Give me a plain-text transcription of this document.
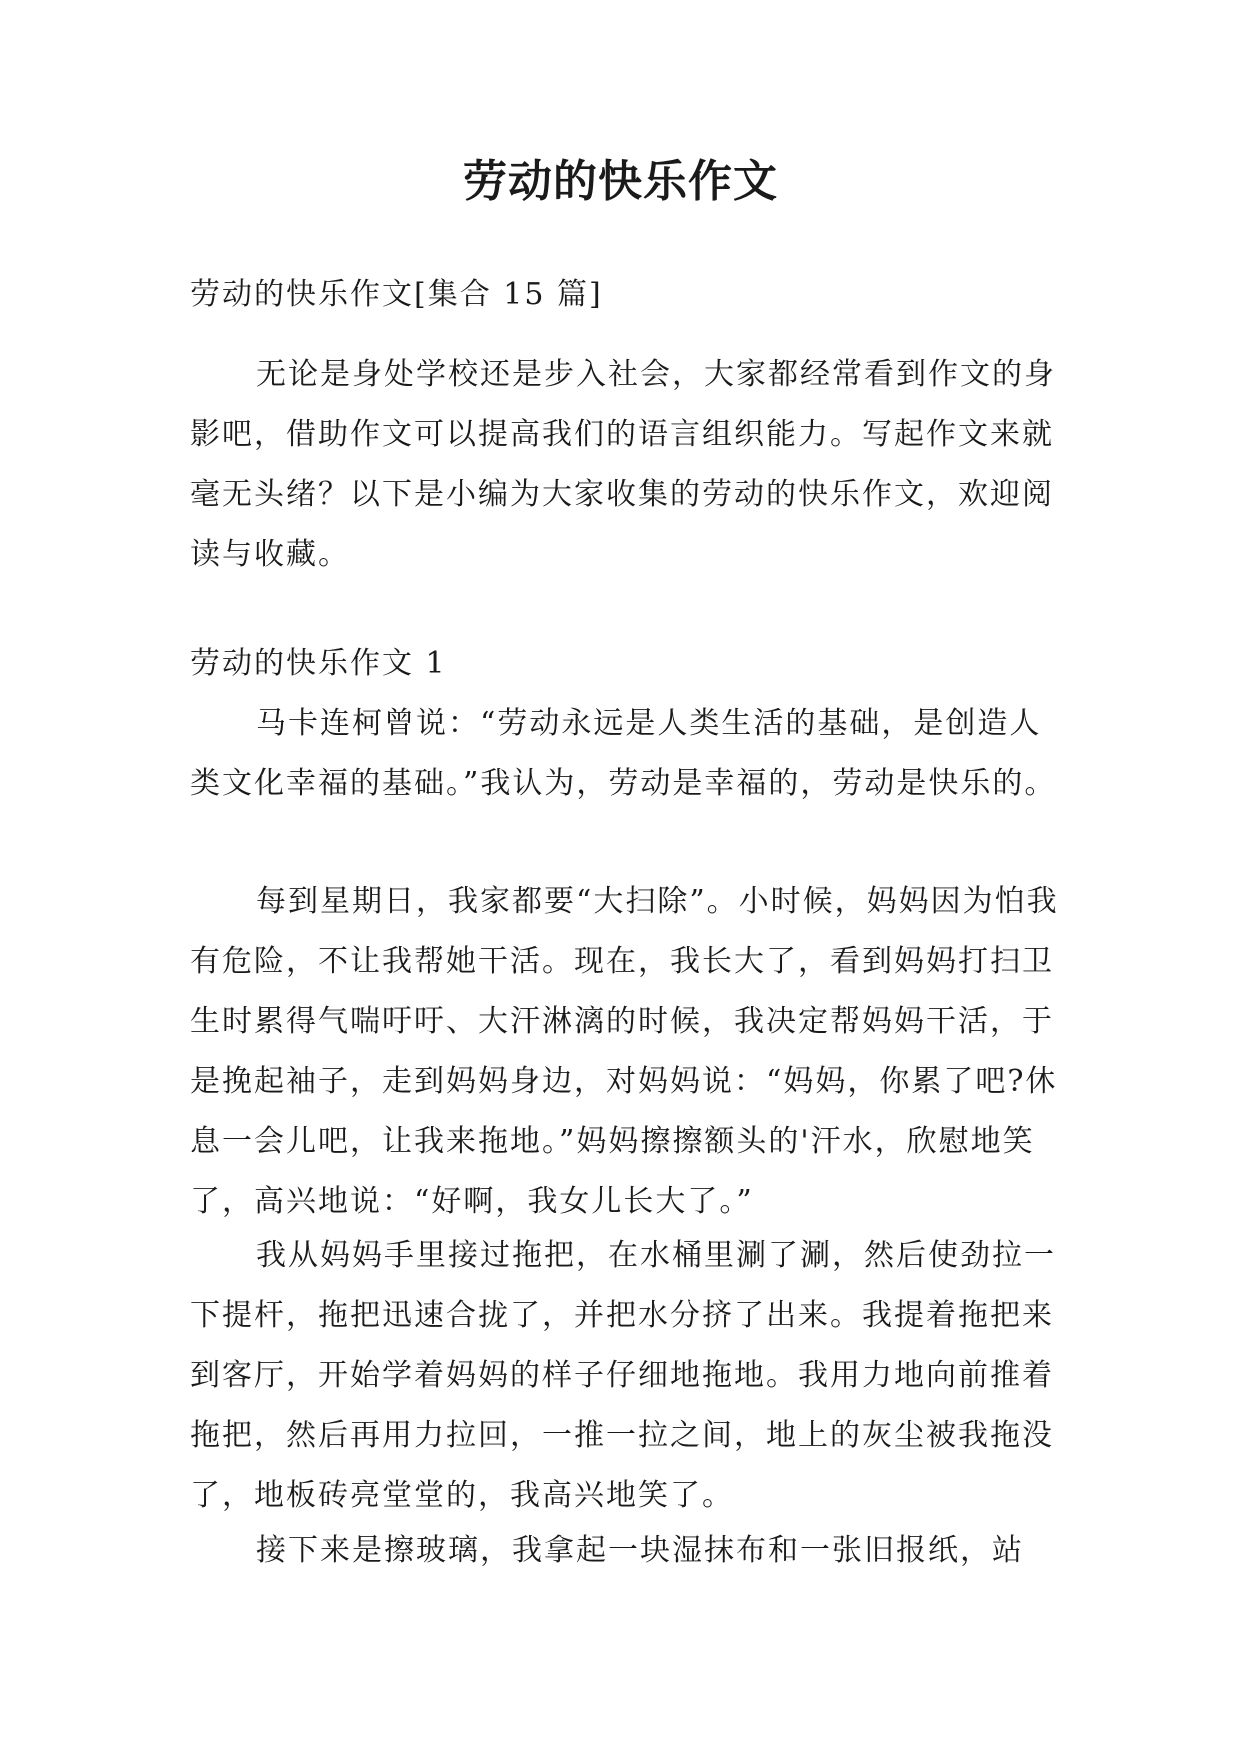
劳动的快乐作文

劳动的快乐作文[集合 15 篇]

无论是身处学校还是步入社会，大家都经常看到作文的身影吧，借助作文可以提高我们的语言组织能力。写起作文来就毫无头绪？以下是小编为大家收集的劳动的快乐作文，欢迎阅读与收藏。

劳动的快乐作文 1

马卡连柯曾说：“劳动永远是人类生活的基础，是创造人类文化幸福的基础。”我认为，劳动是幸福的，劳动是快乐的。

每到星期日，我家都要“大扫除”。小时候，妈妈因为怕我有危险，不让我帮她干活。现在，我长大了，看到妈妈打扫卫生时累得气喘吁吁、大汗淋漓的时候，我决定帮妈妈干活，于是挽起袖子，走到妈妈身边，对妈妈说：“妈妈，你累了吧?休息一会儿吧，让我来拖地。”妈妈擦擦额头的'汗水，欣慰地笑了，高兴地说：“好啊，我女儿长大了。”

我从妈妈手里接过拖把，在水桶里涮了涮，然后使劲拉一下提杆，拖把迅速合拢了，并把水分挤了出来。我提着拖把来到客厅，开始学着妈妈的样子仔细地拖地。我用力地向前推着拖把，然后再用力拉回，一推一拉之间，地上的灰尘被我拖没了，地板砖亮堂堂的，我高兴地笑了。

接下来是擦玻璃，我拿起一块湿抹布和一张旧报纸，站
